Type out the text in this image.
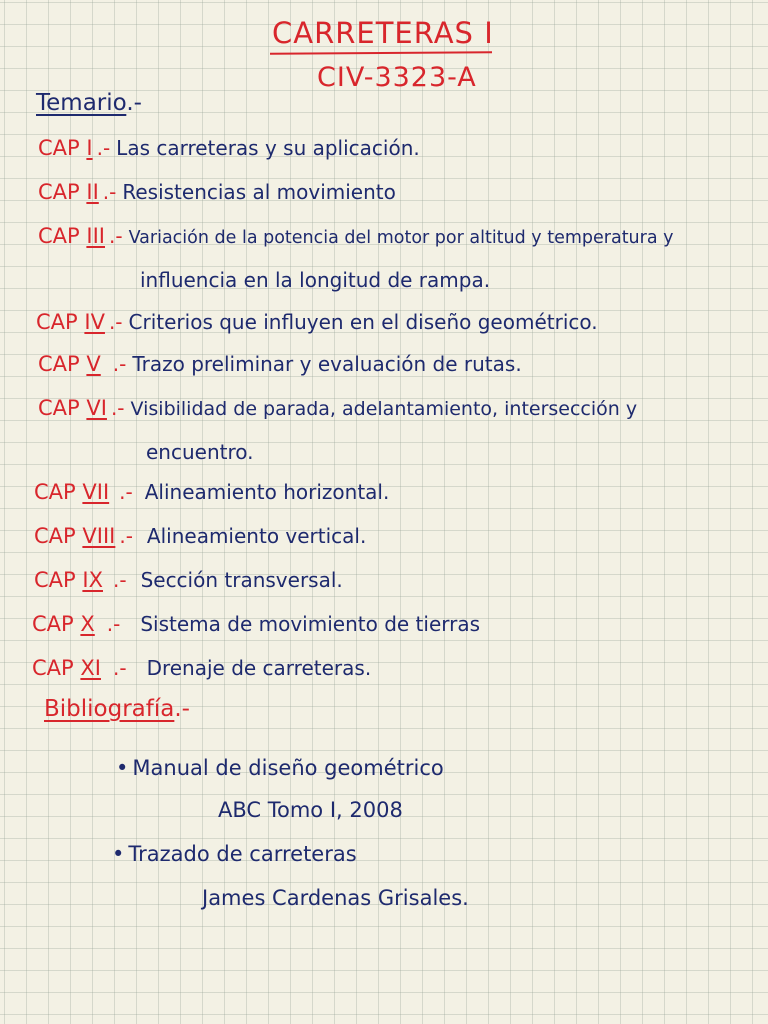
CARRETERAS I
CIV-3323-A
Temario.-
CAP I .- Las carreteras y su aplicación.
CAP II .- Resistencias al movimiento
CAP III .- Variación de la potencia del motor por altitud y temperatura y
influencia en la longitud de rampa.
CAP IV .- Criterios que influyen en el diseño geométrico.
CAP V .- Trazo preliminar y evaluación de rutas.
CAP VI .- Visibilidad de parada, adelantamiento, intersección y
encuentro.
CAP VII .- Alineamiento horizontal.
CAP VIII .- Alineamiento vertical.
CAP IX .- Sección transversal.
CAP X .- Sistema de movimiento de tierras
CAP XI .- Drenaje de carreteras.
Bibliografía.-
• Manual de diseño geométrico
ABC Tomo I, 2008
• Trazado de carreteras
James Cardenas Grisales.
